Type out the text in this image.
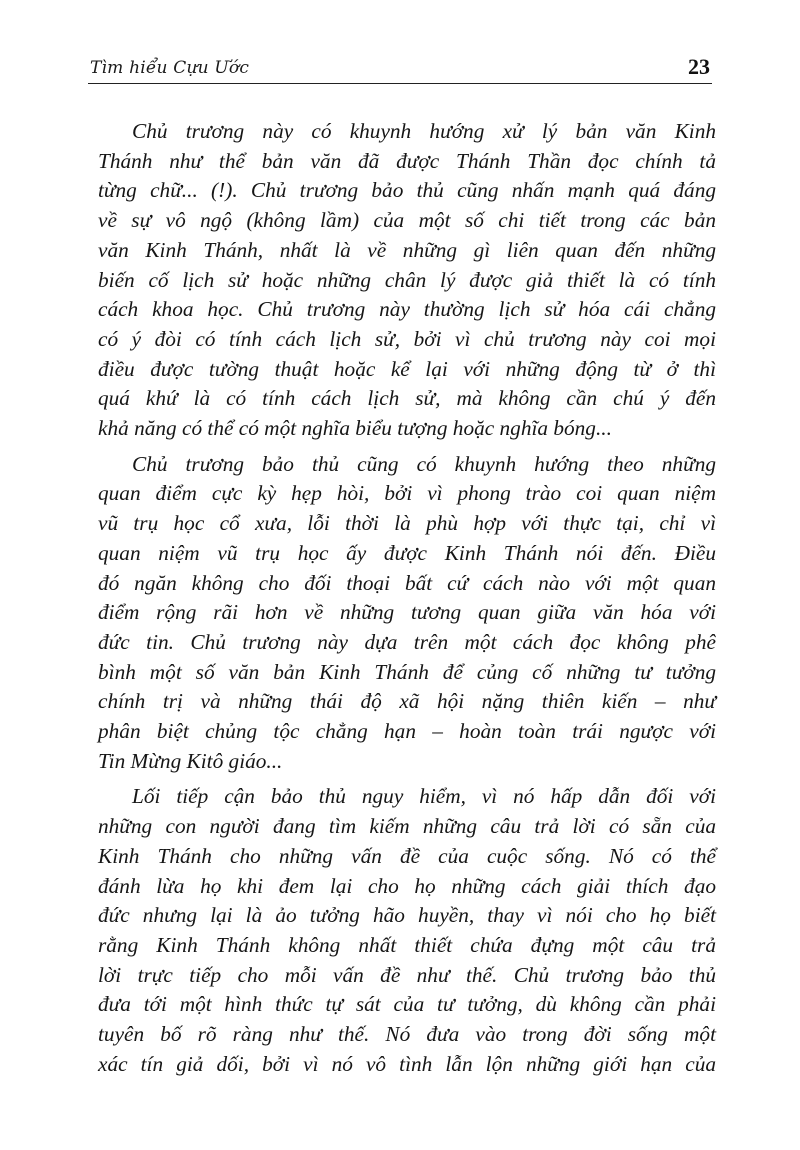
Tìm hiểu Cựu Ước	23
Chủ trương này có khuynh hướng xử lý bản văn Kinh
Thánh như thể bản văn đã được Thánh Thần đọc chính tả
từng chữ... (!). Chủ trương bảo thủ cũng nhấn mạnh quá đáng
về sự vô ngộ (không lầm) của một số chi tiết trong các bản
văn Kinh Thánh, nhất là về những gì liên quan đến những
biến cố lịch sử hoặc những chân lý được giả thiết là có tính
cách khoa học. Chủ trương này thường lịch sử hóa cái chẳng
có ý đòi có tính cách lịch sử, bởi vì chủ trương này coi mọi
điều được tường thuật hoặc kể lại với những động từ ở thì
quá khứ là có tính cách lịch sử, mà không cần chú ý đến
khả năng có thể có một nghĩa biểu tượng hoặc nghĩa bóng...
Chủ trương bảo thủ cũng có khuynh hướng theo những
quan điểm cực kỳ hẹp hòi, bởi vì phong trào coi quan niệm
vũ trụ học cổ xưa, lỗi thời là phù hợp với thực tại, chỉ vì
quan niệm vũ trụ học ấy được Kinh Thánh nói đến. Điều
đó ngăn không cho đối thoại bất cứ cách nào với một quan
điểm rộng rãi hơn về những tương quan giữa văn hóa với
đức tin. Chủ trương này dựa trên một cách đọc không phê
bình một số văn bản Kinh Thánh để củng cố những tư tưởng
chính trị và những thái độ xã hội nặng thiên kiến – như
phân biệt chủng tộc chẳng hạn – hoàn toàn trái ngược với
Tin Mừng Kitô giáo...
Lối tiếp cận bảo thủ nguy hiểm, vì nó hấp dẫn đối với
những con người đang tìm kiếm những câu trả lời có sẵn của
Kinh Thánh cho những vấn đề của cuộc sống. Nó có thể
đánh lừa họ khi đem lại cho họ những cách giải thích đạo
đức nhưng lại là ảo tưởng hão huyền, thay vì nói cho họ biết
rằng Kinh Thánh không nhất thiết chứa đựng một câu trả
lời trực tiếp cho mỗi vấn đề như thế. Chủ trương bảo thủ
đưa tới một hình thức tự sát của tư tưởng, dù không cần phải
tuyên bố rõ ràng như thế. Nó đưa vào trong đời sống một
xác tín giả dối, bởi vì nó vô tình lẫn lộn những giới hạn của
